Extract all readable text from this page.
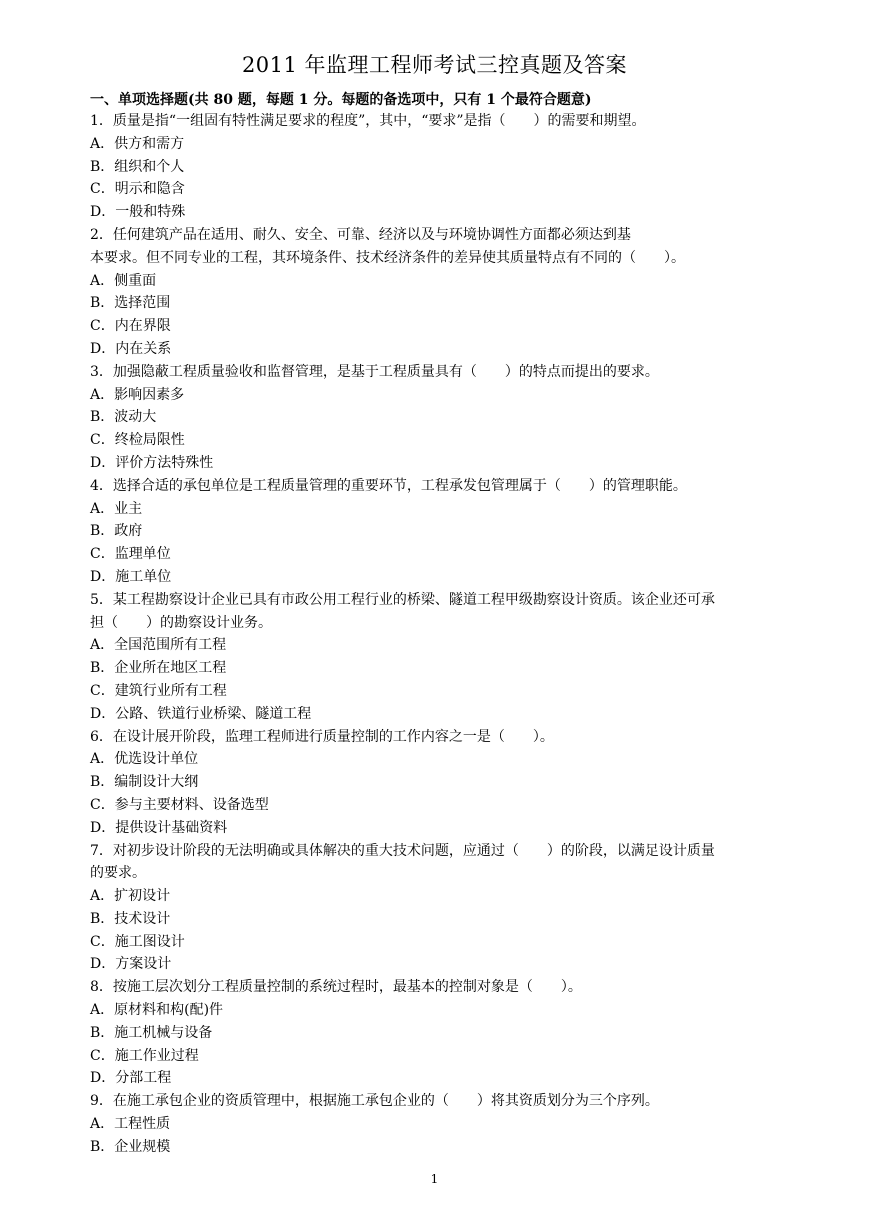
2011 年监理工程师考试三控真题及答案
一、单项选择题(共 80 题，每题 1 分。每题的备选项中，只有 1 个最符合题意)
1．质量是指“一组固有特性满足要求的程度”，其中，“要求”是指（　　）的需要和期望。
A．供方和需方
B．组织和个人
C．明示和隐含
D．一般和特殊
2．任何建筑产品在适用、耐久、安全、可靠、经济以及与环境协调性方面都必须达到基
本要求。但不同专业的工程，其环境条件、技术经济条件的差异使其质量特点有不同的（　　）。
A．侧重面
B．选择范围
C．内在界限
D．内在关系
3．加强隐蔽工程质量验收和监督管理，是基于工程质量具有（　　）的特点而提出的要求。
A．影响因素多
B．波动大
C．终检局限性
D．评价方法特殊性
4．选择合适的承包单位是工程质量管理的重要环节，工程承发包管理属于（　　）的管理职能。
A．业主
B．政府
C．监理单位
D．施工单位
5．某工程勘察设计企业已具有市政公用工程行业的桥梁、隧道工程甲级勘察设计资质。该企业还可承
担（　　）的勘察设计业务。
A．全国范围所有工程
B．企业所在地区工程
C．建筑行业所有工程
D．公路、铁道行业桥梁、隧道工程
6．在设计展开阶段，监理工程师进行质量控制的工作内容之一是（　　）。
A．优选设计单位
B．编制设计大纲
C．参与主要材料、设备选型
D．提供设计基础资料
7．对初步设计阶段的无法明确或具体解决的重大技术问题，应通过（　　）的阶段，以满足设计质量
的要求。
A．扩初设计
B．技术设计
C．施工图设计
D．方案设计
8．按施工层次划分工程质量控制的系统过程时，最基本的控制对象是（　　）。
A．原材料和构(配)件
B．施工机械与设备
C．施工作业过程
D．分部工程
9．在施工承包企业的资质管理中，根据施工承包企业的（　　）将其资质划分为三个序列。
A．工程性质
B．企业规模
1
